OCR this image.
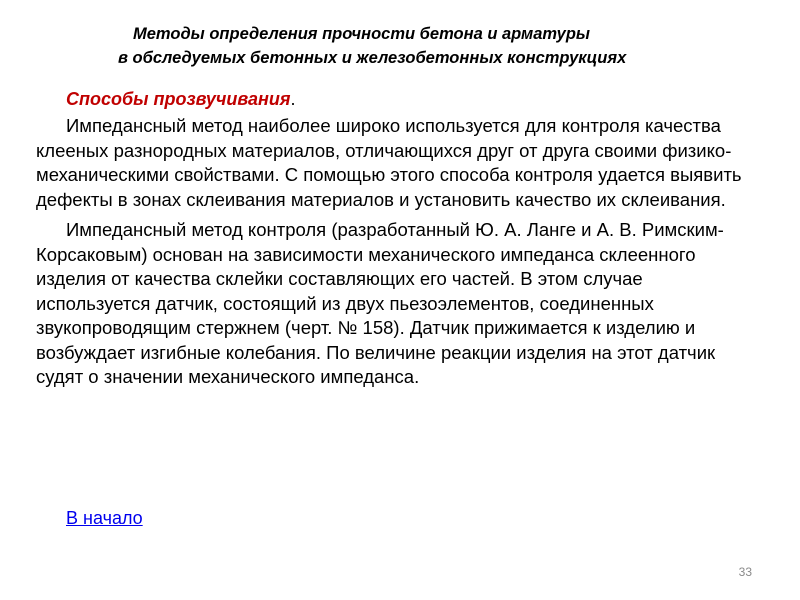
Методы определения прочности бетона и арматуры
в обследуемых бетонных и железобетонных конструкциях
Способы прозвучивания.

Импедансный метод наиболее широко используется для контроля качества клееных разнородных материалов, отличающихся друг от друга своими физико-механическими свойствами. С помощью этого способа контроля удается выявить дефекты в зонах склеивания материалов и установить качество их склеивания.

Импедансный метод контроля (разработанный Ю. А. Ланге и А. В. Римским-Корсаковым) основан на зависимости механического импеданса склеенного изделия от качества склейки составляющих его частей. В этом случае используется датчик, состоящий из двух пьезоэлементов, соединенных звукопроводящим стержнем (черт. № 158). Датчик прижимается к изделию и возбуждает изгибные колебания. По величине реакции изделия на этот датчик судят о значении механического импеданса.

В начало
33
